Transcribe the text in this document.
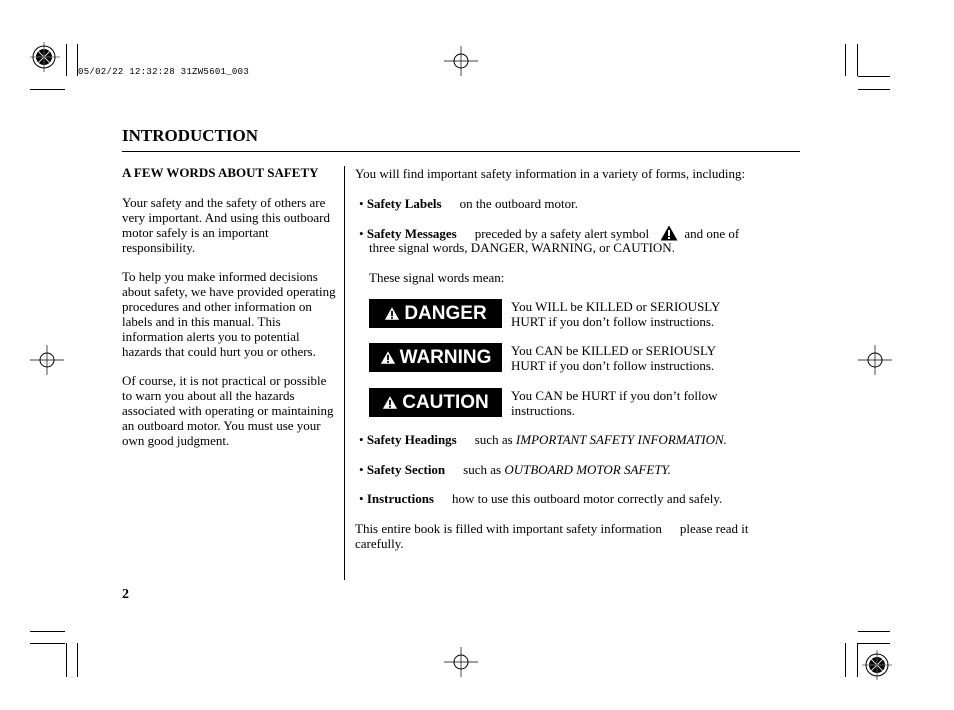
05/02/22 12:32:28 31ZW5601_003
INTRODUCTION
A FEW WORDS ABOUT SAFETY

Your safety and the safety of others are very important. And using this outboard motor safely is an important responsibility.

To help you make informed decisions about safety, we have provided operating procedures and other information on labels and in this manual. This information alerts you to potential hazards that could hurt you or others.

Of course, it is not practical or possible to warn you about all the hazards associated with operating or maintaining an outboard motor. You must use your own good judgment.

You will find important safety information in a variety of forms, including:
• Safety Labels on the outboard motor.
• Safety Messages preceded by a safety alert symbol	and one of
three signal words, DANGER, WARNING, or CAUTION.
These signal words mean:
DANGER You WILL be KILLED or SERIOUSLY
HURT if you don’t follow instructions.
WARNING You CAN be KILLED or SERIOUSLY
HURT if you don’t follow instructions.
CAUTION You CAN be HURT if you don’t follow
instructions.
• Safety Headings such as IMPORTANT SAFETY INFORMATION.
• Safety Section such as OUTBOARD MOTOR SAFETY.
• Instructions how to use this outboard motor correctly and safely.
This entire book is filled with important safety information please read it
carefully.
2
